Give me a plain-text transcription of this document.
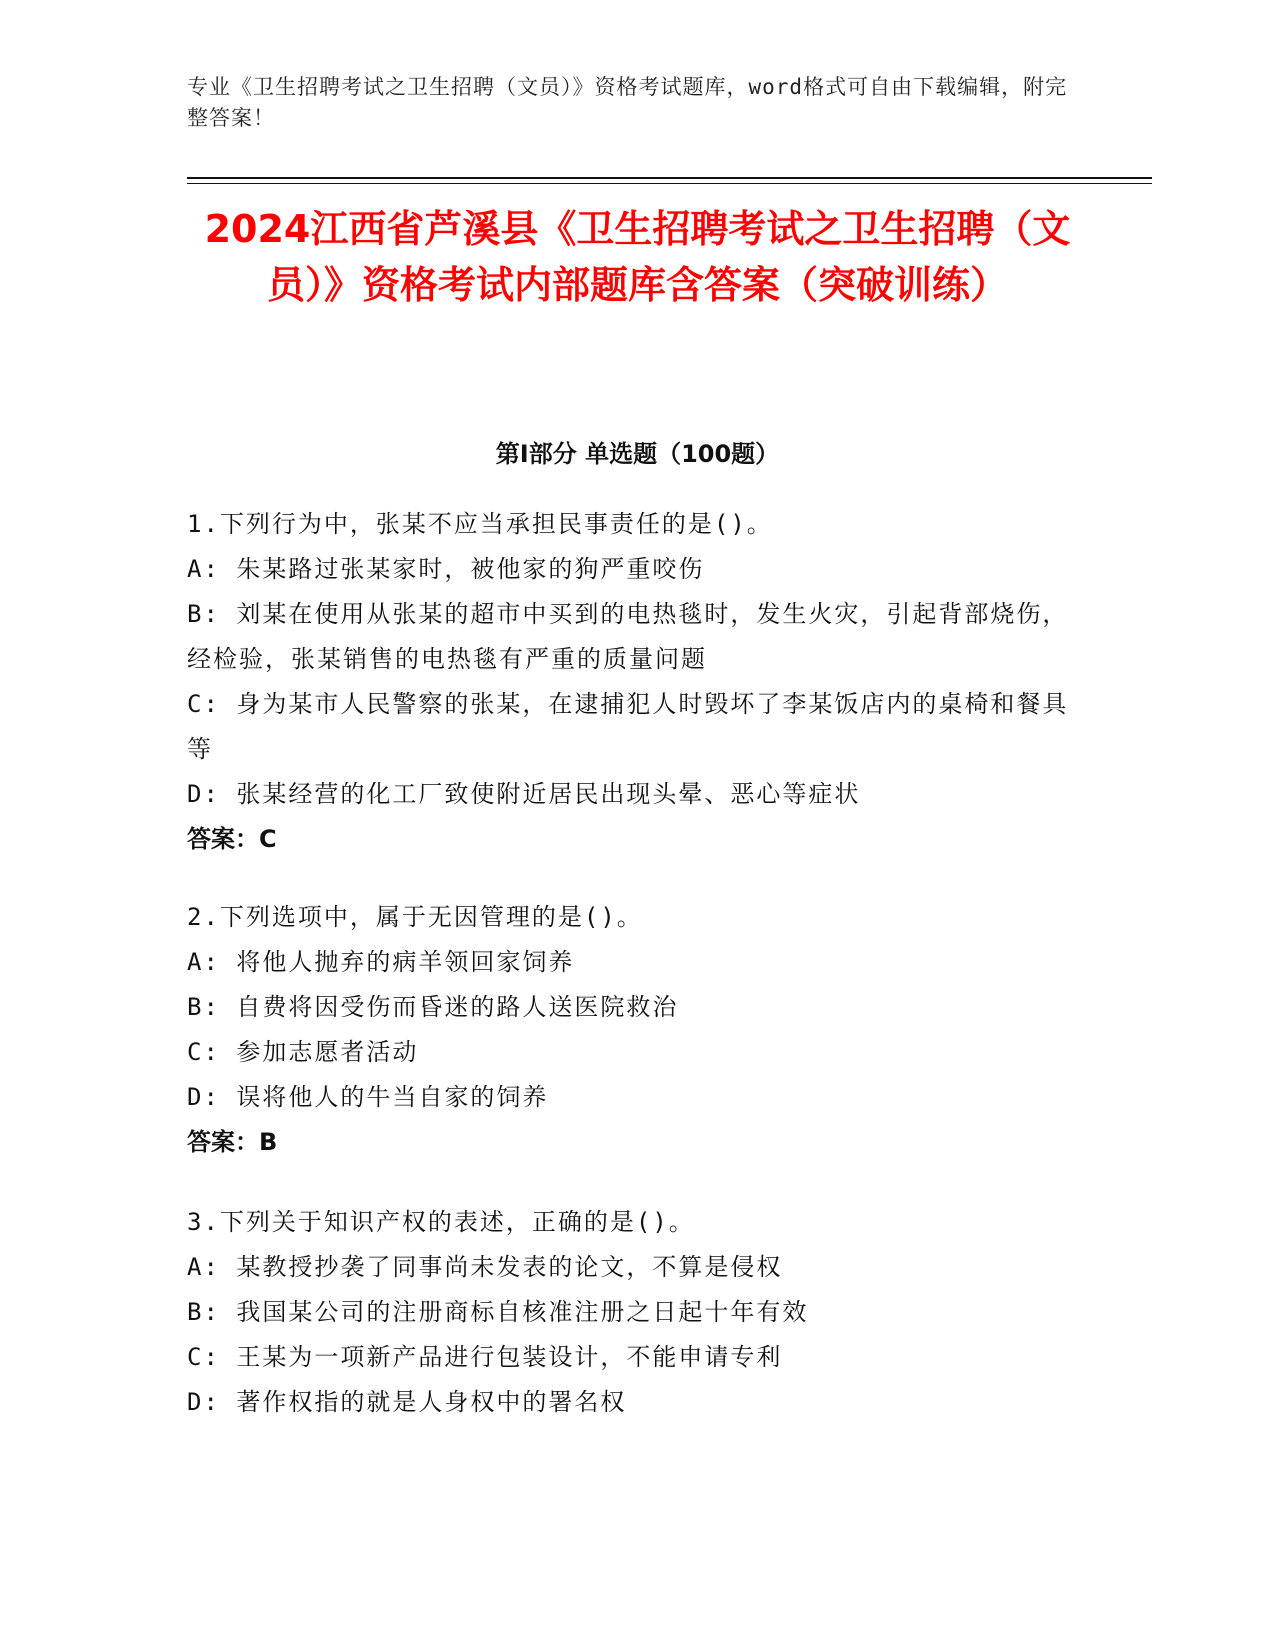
专业《卫生招聘考试之卫生招聘（文员）》资格考试题库，word格式可自由下载编辑，附完整答案！
2024江西省芦溪县《卫生招聘考试之卫生招聘（文员）》资格考试内部题库含答案（突破训练）
第Ⅰ部分 单选题（100题）

1.下列行为中，张某不应当承担民事责任的是()。

A: 朱某路过张某家时，被他家的狗严重咬伤

B: 刘某在使用从张某的超市中买到的电热毯时，发生火灾，引起背部烧伤，经检验，张某销售的电热毯有严重的质量问题

C: 身为某市人民警察的张某，在逮捕犯人时毁坏了李某饭店内的桌椅和餐具等

D: 张某经营的化工厂致使附近居民出现头晕、恶心等症状

答案：C

2.下列选项中，属于无因管理的是()。

A: 将他人抛弃的病羊领回家饲养

B: 自费将因受伤而昏迷的路人送医院救治

C: 参加志愿者活动

D: 误将他人的牛当自家的饲养

答案：B

3.下列关于知识产权的表述，正确的是()。

A: 某教授抄袭了同事尚未发表的论文，不算是侵权

B: 我国某公司的注册商标自核准注册之日起十年有效

C: 王某为一项新产品进行包装设计，不能申请专利

D: 著作权指的就是人身权中的署名权
